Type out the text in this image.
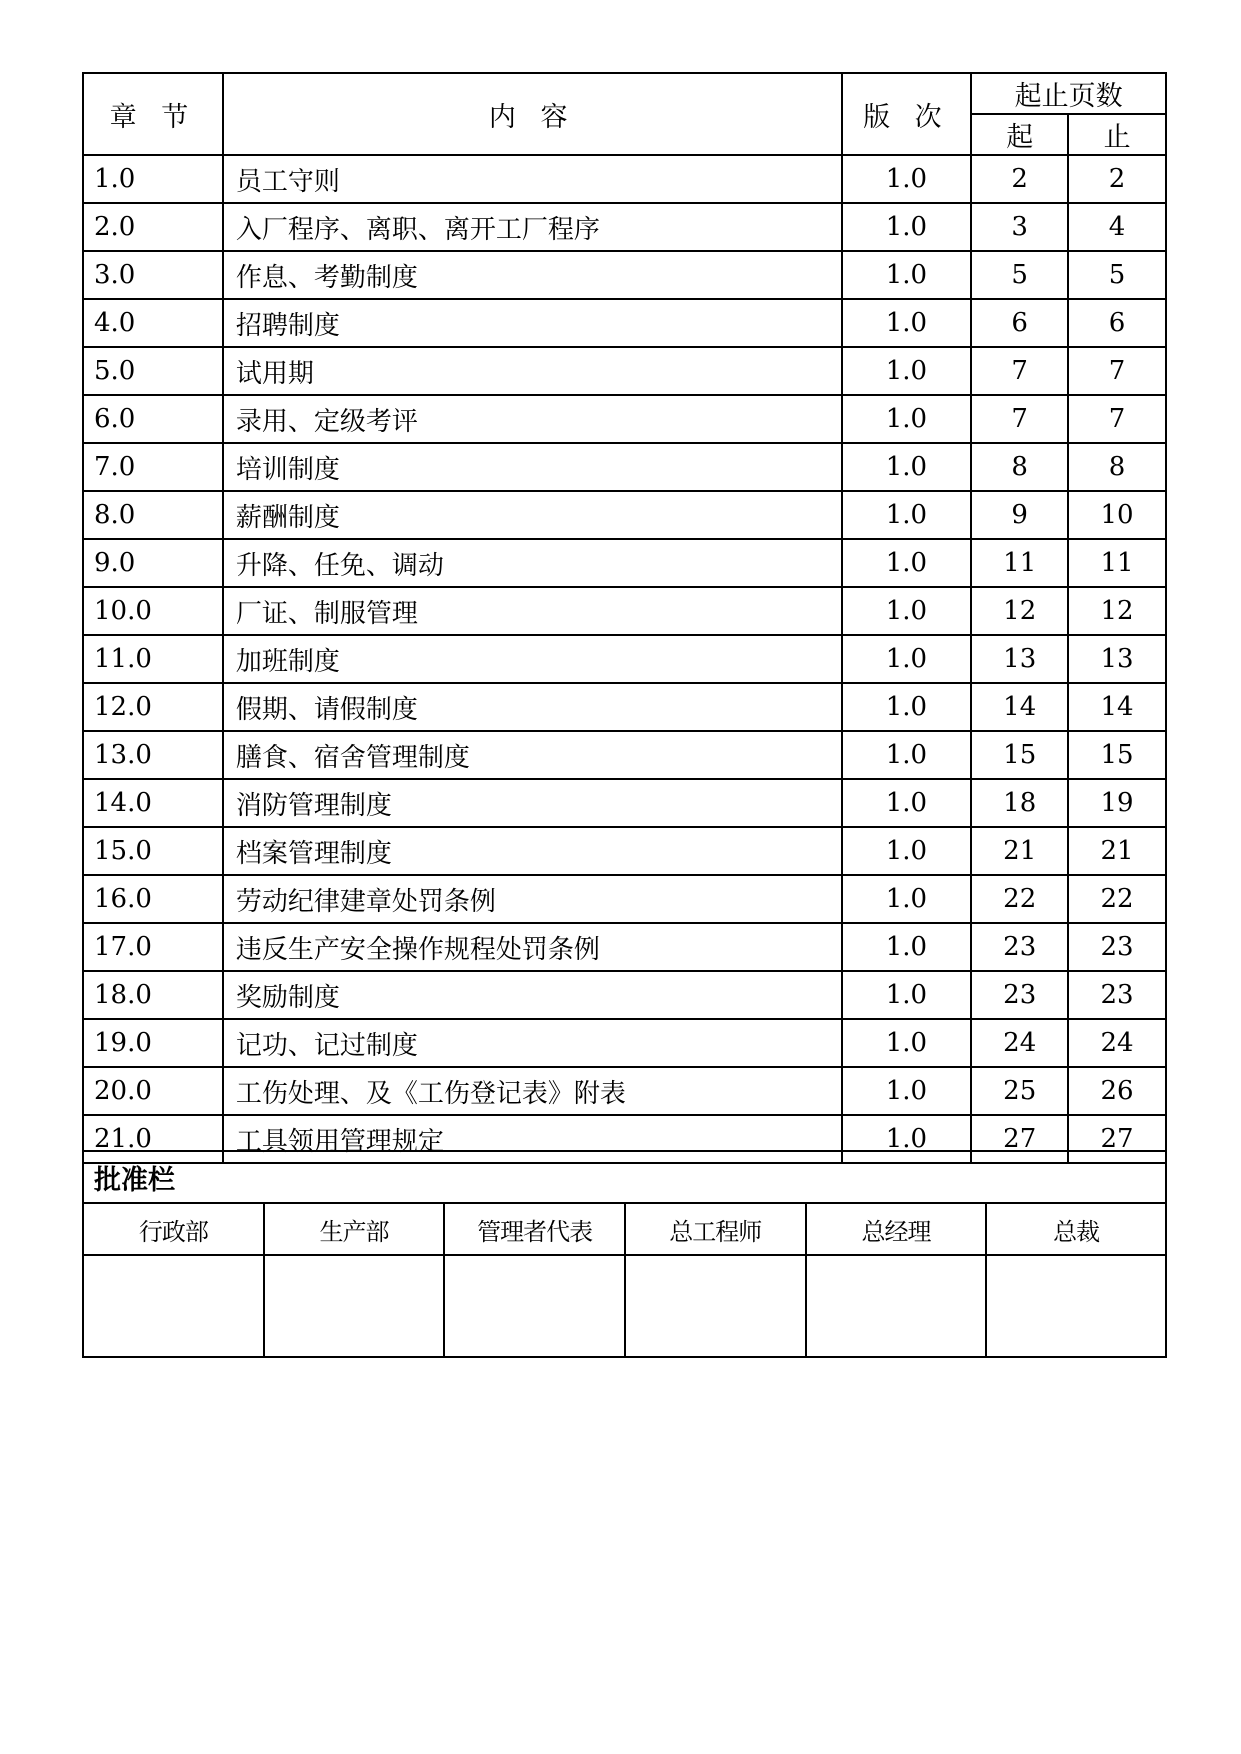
章 节	内 容	版 次	起止页数	
			起	止
1.0	员工守则	1.0	2	2
2.0	入厂程序、离职、离开工厂程序	1.0	3	4
3.0	作息、考勤制度	1.0	5	5
4.0	招聘制度	1.0	6	6
5.0	试用期	1.0	7	7
6.0	录用、定级考评	1.0	7	7
7.0	培训制度	1.0	8	8
8.0	薪酬制度	1.0	9	10
9.0	升降、任免、调动	1.0	11	11
10.0	厂证、制服管理	1.0	12	12
11.0	加班制度	1.0	13	13
12.0	假期、请假制度	1.0	14	14
13.0	膳食、宿舍管理制度	1.0	15	15
14.0	消防管理制度	1.0	18	19
15.0	档案管理制度	1.0	21	21
16.0	劳动纪律建章处罚条例	1.0	22	22
17.0	违反生产安全操作规程处罚条例	1.0	23	23
18.0	奖励制度	1.0	23	23
19.0	记功、记过制度	1.0	24	24
20.0	工伤处理、及《工伤登记表》附表	1.0	25	26
21.0	工具领用管理规定	1.0	27	27
批准栏					
行政部	生产部	管理者代表	总工程师	总经理	总裁
